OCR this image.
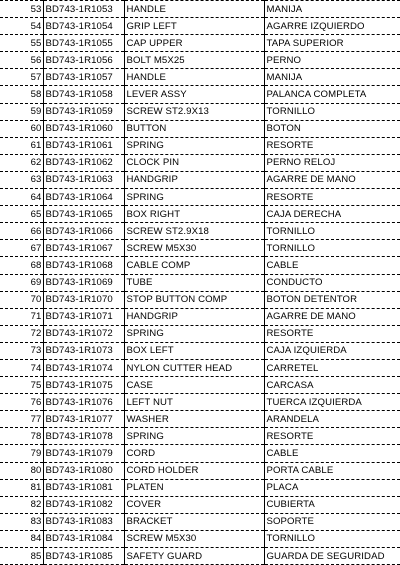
53	BD743-1R1053	HANDLE	MANIJA
54	BD743-1R1054	GRIP LEFT	AGARRE IZQUIERDO
55	BD743-1R1055	CAP UPPER	TAPA SUPERIOR
56	BD743-1R1056	BOLT M5X25	PERNO
57	BD743-1R1057	HANDLE	MANIJA
58	BD743-1R1058	LEVER ASSY	PALANCA COMPLETA
59	BD743-1R1059	SCREW ST2.9X13	TORNILLO
60	BD743-1R1060	BUTTON	BOTON
61	BD743-1R1061	SPRING	RESORTE
62	BD743-1R1062	CLOCK PIN	PERNO RELOJ
63	BD743-1R1063	HANDGRIP	AGARRE DE MANO
64	BD743-1R1064	SPRING	RESORTE
65	BD743-1R1065	BOX RIGHT	CAJA DERECHA
66	BD743-1R1066	SCREW ST2.9X18	TORNILLO
67	BD743-1R1067	SCREW M5X30	TORNILLO
68	BD743-1R1068	CABLE COMP	CABLE
69	BD743-1R1069	TUBE	CONDUCTO
70	BD743-1R1070	STOP BUTTON COMP	BOTON DETENTOR
71	BD743-1R1071	HANDGRIP	AGARRE DE MANO
72	BD743-1R1072	SPRING	RESORTE
73	BD743-1R1073	BOX LEFT	CAJA IZQUIERDA
74	BD743-1R1074	NYLON CUTTER HEAD	CARRETEL
75	BD743-1R1075	CASE	CARCASA
76	BD743-1R1076	LEFT NUT	TUERCA IZQUIERDA
77	BD743-1R1077	WASHER	ARANDELA
78	BD743-1R1078	SPRING	RESORTE
79	BD743-1R1079	CORD	CABLE
80	BD743-1R1080	CORD HOLDER	PORTA CABLE
81	BD743-1R1081	PLATEN	PLACA
82	BD743-1R1082	COVER	CUBIERTA
83	BD743-1R1083	BRACKET	SOPORTE
84	BD743-1R1084	SCREW M5X30	TORNILLO
85	BD743-1R1085	SAFETY GUARD	GUARDA DE SEGURIDAD
